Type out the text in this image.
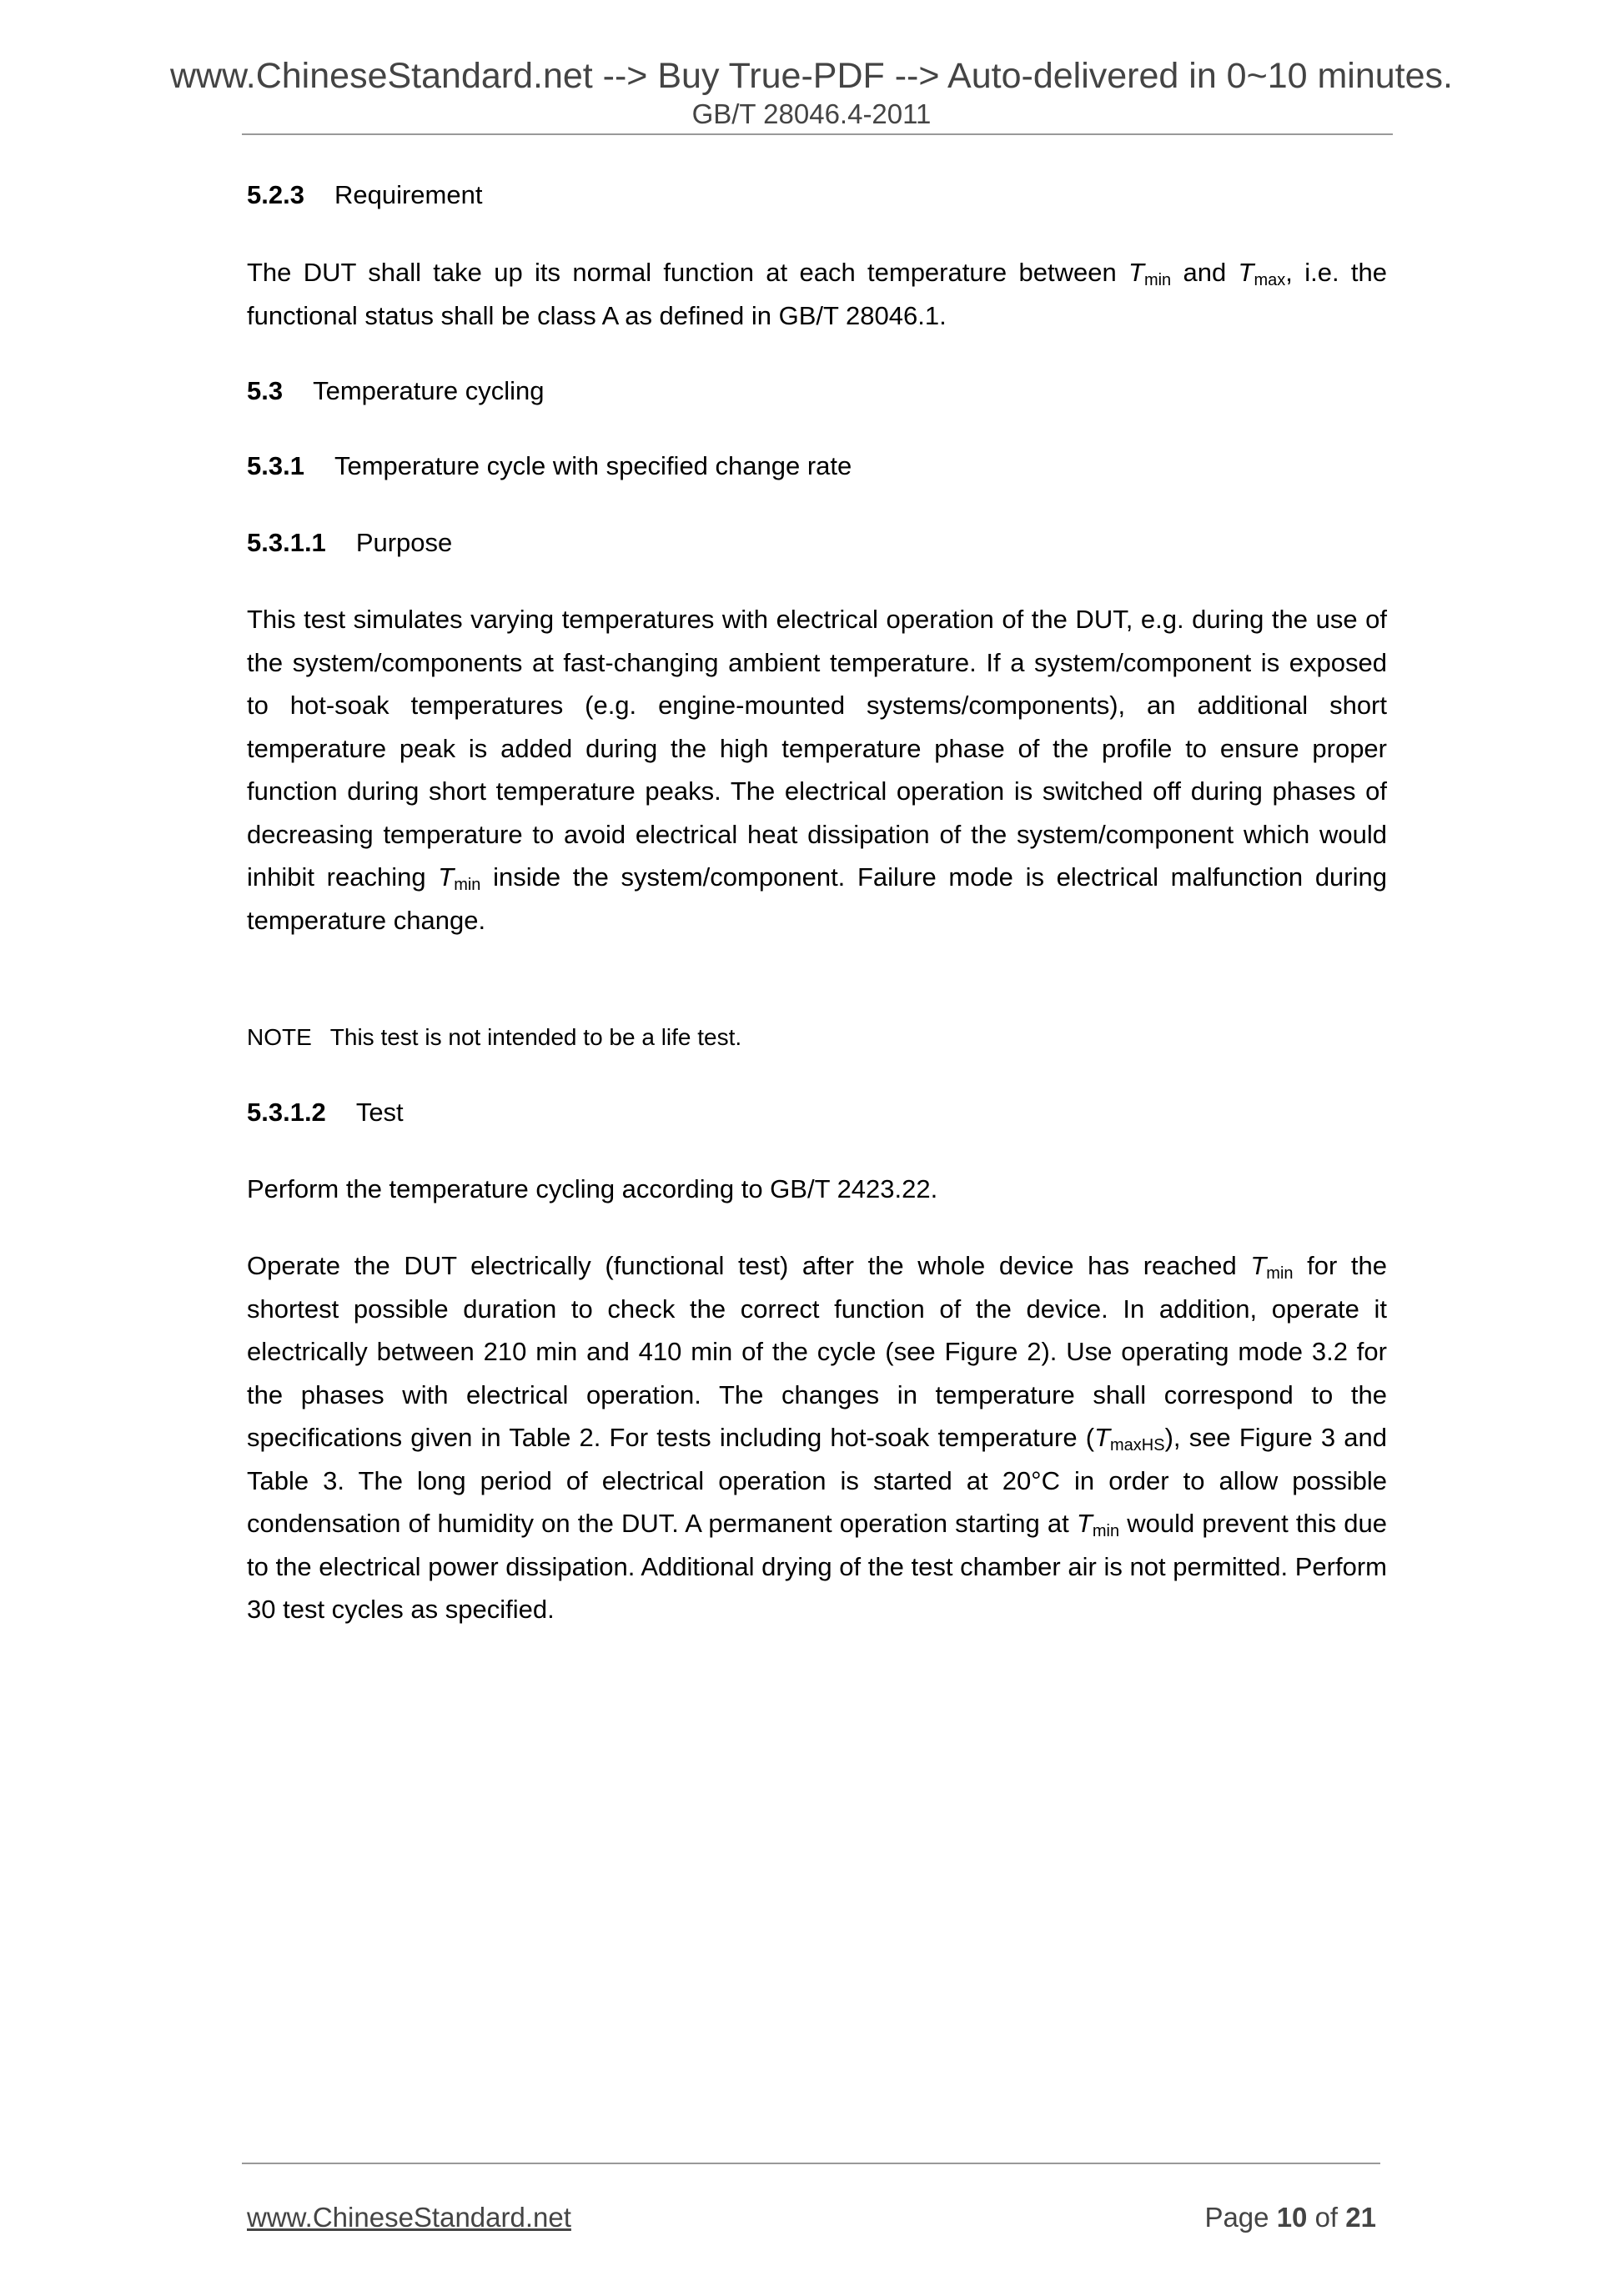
www.ChineseStandard.net --> Buy True-PDF --> Auto-delivered in 0~10 minutes.
GB/T 28046.4-2011
5.2.3 Requirement
The DUT shall take up its normal function at each temperature between $T_{min}$ and $T_{max}$, i.e. the functional status shall be class A as defined in GB/T 28046.1.
5.3 Temperature cycling
5.3.1 Temperature cycle with specified change rate
5.3.1.1 Purpose
This test simulates varying temperatures with electrical operation of the DUT, e.g. during the use of the system/components at fast-changing ambient temperature. If a system/component is exposed to hot-soak temperatures (e.g. engine-mounted systems/components), an additional short temperature peak is added during the high temperature phase of the profile to ensure proper function during short temperature peaks. The electrical operation is switched off during phases of decreasing temperature to avoid electrical heat dissipation of the system/component which would inhibit reaching $T_{min}$ inside the system/component. Failure mode is electrical malfunction during temperature change.
NOTE This test is not intended to be a life test.
5.3.1.2 Test
Perform the temperature cycling according to GB/T 2423.22.
Operate the DUT electrically (functional test) after the whole device has reached $T_{min}$ for the shortest possible duration to check the correct function of the device. In addition, operate it electrically between 210 min and 410 min of the cycle (see Figure 2). Use operating mode 3.2 for the phases with electrical operation. The changes in temperature shall correspond to the specifications given in Table 2. For tests including hot-soak temperature $(T_{maxHS})$, see Figure 3 and Table 3. The long period of electrical operation is started at 20°C in order to allow possible condensation of humidity on the DUT. A permanent operation starting at $T_{min}$ would prevent this due to the electrical power dissipation. Additional drying of the test chamber air is not permitted. Perform 30 test cycles as specified.
www.ChineseStandard.net	Page 10 of 21
